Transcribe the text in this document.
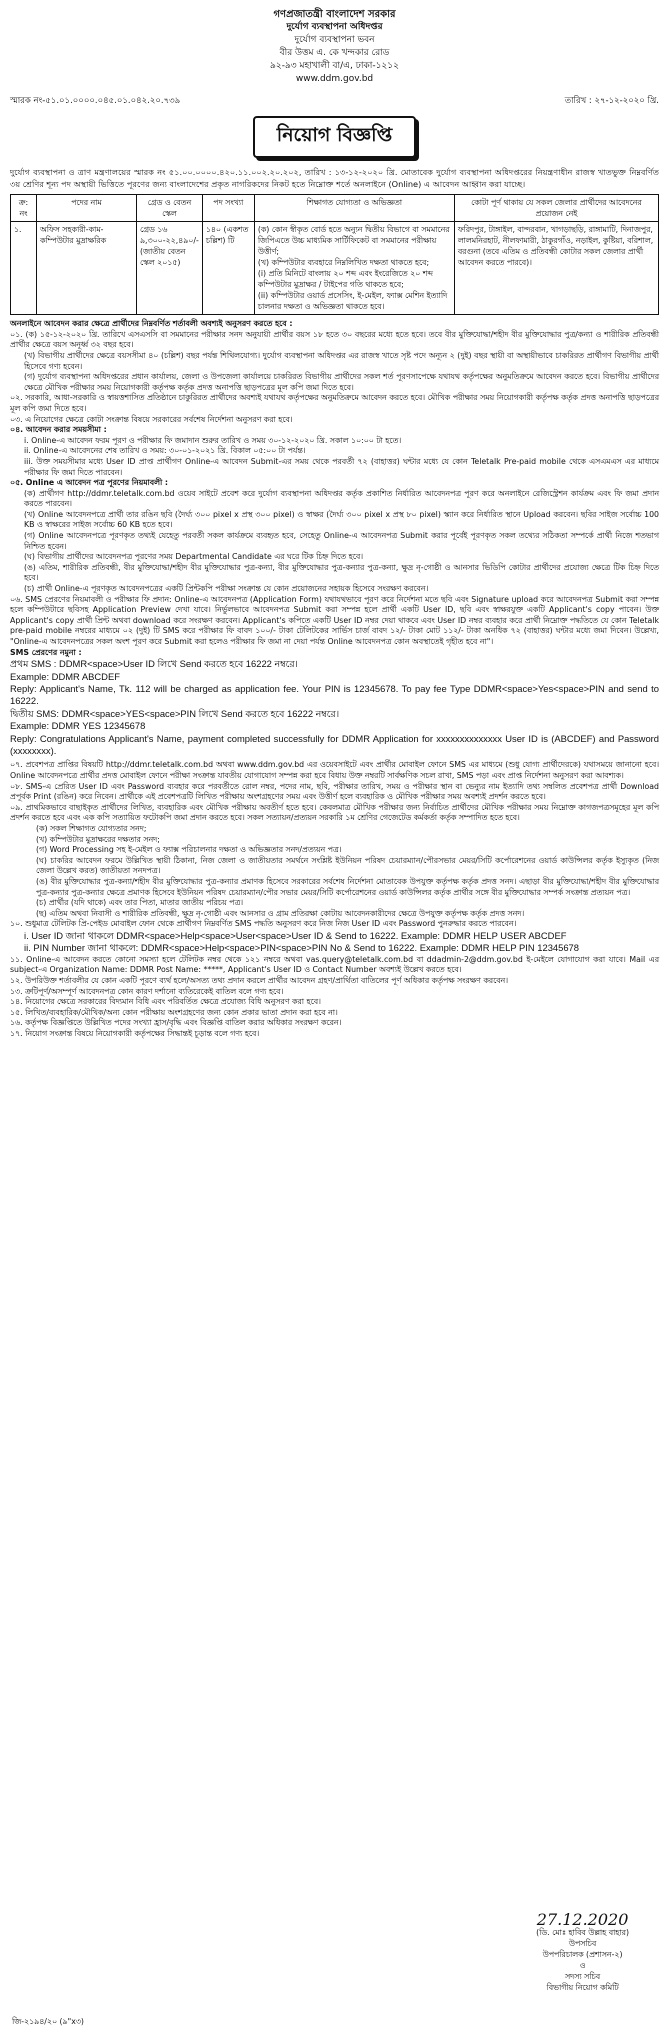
গণপ্রজাতন্ত্রী বাংলাদেশ সরকার
দুর্যোগ ব্যবস্থাপনা অধিদপ্তর
দুর্যোগ ব্যবস্থাপনা ভবন
বীর উত্তম এ. কে খন্দকার রোড
৯২-৯৩ মহাখালী বা/এ, ঢাকা-১২১২
www.ddm.gov.bd
স্মারক নং-৫১.০১.০০০০.০৪৫.০১.০৪২.২০.৭৩৯	তারিখ : ২৭-১২-২০২০ খ্রি.
নিয়োগ বিজ্ঞপ্তি

দুর্যোগ ব্যবস্থাপনা ও ত্রাণ মন্ত্রণালয়ের স্মারক নং ৫১.০০.০০০০.৪২০.১১.০০২.২০.২০২, তারিখ : ১৩-১২-২০২০ খ্রি. মোতাবেক দুর্যোগ ব্যবস্থাপনা অধিদপ্তরের নিয়ন্ত্রণাধীন রাজস্ব খাতভুক্ত নিম্নবর্ণিত ৩য় শ্রেণির শূন্য পদ অস্থায়ী ভিত্তিতে পূরণের জন্য বাংলাদেশের প্রকৃত নাগরিকদের নিকট হতে নিম্নোক্ত শর্তে অনলাইনে (Online) এ আবেদন আহ্বান করা যাচ্ছে।

ক্র: নং	পদের নাম	গ্রেড ও বেতন স্কেল	পদ সংখ্যা	শিক্ষাগত যোগ্যতা ও অভিজ্ঞতা	কোটা পূর্ণ থাকায় যে সকল জেলার প্রার্থীদের আবেদনের প্রয়োজন নেই
১.	অফিস সহকারী-কাম-কম্পিউটার মুদ্রাক্ষরিক	গ্রেড ১৬ ৯,৩০০-২২,৪৯০/- (জাতীয় বেতন স্কেল ২০১৫)	১৪০ (একশত চল্লিশ) টি	(ক) কোন স্বীকৃত বোর্ড হতে অন্যুন দ্বিতীয় বিভাগে বা সমমানের জিপিএতে উচ্চ মাধ্যমিক সার্টিফিকেট বা সমমানের পরীক্ষায় উত্তীর্ণ;
(খ) কম্পিউটার ব্যবহারে নিম্নলিখিত দক্ষতা থাকতে হবে;
(i) প্রতি মিনিটে বাংলায় ২০ শব্দ এবং ইংরেজিতে ২০ শব্দ কম্পিউটার মুদ্রাক্ষর / টাইপের গতি থাকতে হবে;
(ii) কম্পিউটার ওয়ার্ড প্রসেসিং, ই-মেইল, ফ্যাক্স মেশিন ইত্যাদি চালনার দক্ষতা ও অভিজ্ঞতা থাকতে হবে।	ফরিদপুর, টাঙ্গাইল, বান্দরবান, খাগড়াছড়ি, রাঙ্গামাটি, দিনাজপুর, লালমনিরহাট, নীলফামারী, ঠাকুরগাঁও, নড়াইল, কুষ্টিয়া, বরিশাল, বরগুনা (তবে এতিম ও প্রতিবন্ধী কোটার সকল জেলার প্রার্থী আবেদন করতে পারবে)।

অনলাইনে আবেদন করার ক্ষেত্রে প্রার্থীদের নিম্নবর্ণিত শর্তাবলী অবশ্যই অনুসরণ করতে হবে :

০১. (ক) ১৫-১২-২০২০ খ্রি. তারিখে এসএসসি বা সমমানের পরীক্ষার সনদ অনুযায়ী প্রার্থীর বয়স ১৮ হতে ৩০ বছরের মধ্যে হতে হবে। তবে বীর মুক্তিযোদ্ধা/শহীদ বীর মুক্তিযোদ্ধার পুত্র/কন্যা ও শারীরিক প্রতিবন্ধী প্রার্থীর ক্ষেত্রে বয়স অনূর্ধ্ব ৩২ বছর হবে।

(খ) বিভাগীয় প্রার্থীদের ক্ষেত্রে বয়সসীমা ৪০ (চল্লিশ) বছর পর্যন্ত শিথিলযোগ্য। দুর্যোগ ব্যবস্থাপনা অধিদপ্তর এর রাজস্ব খাতে সৃষ্ট পদে অন্যূন ২ (দুই) বছর স্থায়ী বা অস্থায়ীভাবে চাকরিরত প্রার্থীগণ বিভাগীয় প্রার্থী হিসেবে গণ্য হবেন।

(গ) দুর্যোগ ব্যবস্থাপনা অধিদপ্তরের প্রধান কার্যালয়, জেলা ও উপজেলা কার্যালয়ে চাকরিরত বিভাগীয় প্রার্থীদের সকল শর্ত পূরণসাপেক্ষে যথাযথ কর্তৃপক্ষের অনুমতিক্রমে আবেদন করতে হবে। বিভাগীয় প্রার্থীদের ক্ষেত্রে মৌখিক পরীক্ষার সময় নিয়োগকারী কর্তৃপক্ষ কর্তৃক প্রদত্ত অনাপত্তি ছাড়পত্রের মূল কপি জমা দিতে হবে।

০২. সরকারি, আধা-সরকারি ও স্বায়ত্তশাসিত প্রতিষ্ঠানে চাকুরিরত প্রার্থীদের অবশ্যই যথাযথ কর্তৃপক্ষের অনুমতিক্রমে আবেদন করতে হবে। মৌখিক পরীক্ষার সময় নিয়োগকারী কর্তৃপক্ষ কর্তৃক প্রদত্ত অনাপত্তি ছাড়পত্রের মূল কপি জমা দিতে হবে।

০৩. এ নিয়োগের ক্ষেত্রে কোটা সংক্রান্ত বিষয়ে সরকারের সর্বশেষ নির্দেশনা অনুসরণ করা হবে।

০৪. আবেদন করার সময়সীমা :

i. Online-এ আবেদন ফরম পূরণ ও পরীক্ষার ফি জমাদান শুরুর তারিখ ও সময় ৩০-১২-২০২০ খ্রি. সকাল ১০:০০ টা হতে।

ii. Online-এ আবেদনের শেষ তারিখ ও সময়: ৩০-০১-২০২১ খ্রি. বিকাল ০৫:০০ টা পর্যন্ত।

iii. উক্ত সময়সীমার মধ্যে User ID প্রাপ্ত প্রার্থীগণ Online-এ আবেদন Submit-এর সময় থেকে পরবর্তী ৭২ (বাহাত্তর) ঘন্টার মধ্যে যে কোন Teletalk Pre-paid mobile থেকে এসএমএস এর মাধ্যমে পরীক্ষার ফি জমা দিতে পারবেন।

০৫. Online এ আবেদন পত্র পূরণের নিয়মাবলী :

(ক) প্রার্থীগণ http://ddmr.teletalk.com.bd ওয়েব সাইটে প্রবেশ করে দুর্যোগ ব্যবস্থাপনা অধিদপ্তর কর্তৃক প্রকাশিত নির্ধারিত আবেদনপত্র পূরণ করে অনলাইনে রেজিস্ট্রেশন কার্যক্রম এবং ফি জমা প্রদান করতে পারবেন।

(খ) Online আবেদনপত্রে প্রার্থী তার রঙিন ছবি (দৈর্ঘ্য ৩০০ pixel x প্রস্থ ৩০০ pixel) ও স্বাক্ষর (দৈর্ঘ্য ৩০০ pixel x প্রস্থ ৮০ pixel) স্ক্যান করে নির্ধারিত স্থানে Upload করবেন। ছবির সাইজ সর্বোচ্চ 100 KB ও স্বাক্ষরের সাইজ সর্বোচ্চ 60 KB হতে হবে।

(গ) Online আবেদনপত্রে পূরণকৃত তথ্যই যেহেতু পরবর্তী সকল কার্যক্রমে ব্যবহৃত হবে, সেহেতু Online-এ আবেদনপত্র Submit করার পূর্বেই পূরণকৃত সকল তথ্যের সঠিকতা সম্পর্কে প্রার্থী নিজে শতভাগ নিশ্চিত হবেন।

(ঘ) বিভাগীয় প্রার্থীদের আবেদনপত্র পূরণের সময় Departmental Candidate এর ঘরে টিক চিহ্ন দিতে হবে।

(ঙ) এতিম, শারীরিক প্রতিবন্ধী, বীর মুক্তিযোদ্ধা/শহীদ বীর মুক্তিযোদ্ধার পুত্র-কন্যা, বীর মুক্তিযোদ্ধার পুত্র-কন্যার পুত্র-কন্যা, ক্ষুদ্র নৃ-গোষ্ঠী ও আনসার ভিডিপি কোটার প্রার্থীদের প্রযোজ্য ক্ষেত্রে টিক চিহ্ন দিতে হবে।

(চ) প্রার্থী Online-এ পূরণকৃত আবেদনপত্রের একটি প্রিন্টকপি পরীক্ষা সংক্রান্ত যে কোন প্রয়োজনের সহায়ক হিসেবে সংরক্ষণ করবেন।

০৬. SMS প্রেরণের নিয়মাবলী ও পরীক্ষার ফি প্রদান: Online-এ আবেদনপত্র (Application Form) যথাযথভাবে পূরণ করে নির্দেশনা মতে ছবি এবং Signature upload করে আবেদনপত্র Submit করা সম্পন্ন হলে কম্পিউটারে ছবিসহ Application Preview দেখা যাবে। নির্ভুলভাবে আবেদনপত্র Submit করা সম্পন্ন হলে প্রার্থী একটি User ID, ছবি এবং স্বাক্ষরযুক্ত একটি Applicant's copy পাবেন। উক্ত Applicant's copy প্রার্থী প্রিন্ট অথবা download করে সংরক্ষণ করবেন। Applicant's কপিতে একটি User ID নম্বর দেয়া থাকবে এবং User ID নম্বর ব্যবহার করে প্রার্থী নিম্নোক্ত পদ্ধতিতে যে কোন Teletalk pre-paid mobile নম্বরের মাধ্যমে ০২ (দুই) টি SMS করে পরীক্ষার ফি বাবদ ১০০/- টাকা টেলিটকের সার্ভিস চার্জ বাবদ ১২/- টাকা মোট ১১২/- টাকা অনধিক ৭২ (বাহাত্তর) ঘন্টার মধ্যে জমা দিবেন। উল্লেখ্য, "Online-এ আবেদনপত্রের সকল অংশ পূরণ করে Submit করা হলেও পরীক্ষার ফি জমা না দেয়া পর্যন্ত Online আবেদনপত্র কোন অবস্থাতেই গৃহীত হবে না"।

SMS প্রেরণের নমুনা :

প্রথম SMS : DDMR<space>User ID লিখে Send করতে হবে 16222 নম্বরে।

Example: DDMR ABCDEF

Reply: Applicant's Name, Tk. 112 will be charged as application fee. Your PIN is 12345678. To pay fee Type DDMR<space>Yes<space>PIN and send to 16222.

দ্বিতীয় SMS: DDMR<space>YES<space>PIN লিখে Send করতে হবে 16222 নম্বরে।

Example: DDMR YES 12345678

Reply: Congratulations Applicant's Name, payment completed successfully for DDMR Application for xxxxxxxxxxxxxx User ID is (ABCDEF) and Password (xxxxxxxx).

০৭. প্রবেশপত্র প্রাপ্তির বিষয়টি http://ddmr.teletalk.com.bd অথবা www.ddm.gov.bd এর ওয়েবসাইটে এবং প্রার্থীর মোবাইল ফোনে SMS এর মাধ্যমে (শুধু যোগ্য প্রার্থীদেরকে) যথাসময়ে জানানো হবে। Online আবেদনপত্রে প্রার্থীর প্রদত্ত মোবাইল ফোনে পরীক্ষা সংক্রান্ত যাবতীয় যোগাযোগ সম্পন্ন করা হবে বিধায় উক্ত নম্বরটি সার্বক্ষণিক সচল রাখা, SMS পড়া এবং প্রাপ্ত নির্দেশনা অনুসরণ করা আবশ্যক।

০৮. SMS-এ প্রেরিত User ID এবং Password ব্যবহার করে পরবর্তীতে রোল নম্বর, পদের নাম, ছবি, পরীক্ষার তারিখ, সময় ও পরীক্ষার স্থান বা ভেন্যুর নাম ইত্যাদি তথ্য সম্বলিত প্রবেশপত্র প্রার্থী Download প্রপূর্বক Print (রঙিন) করে নিবেন। প্রার্থীকে এই প্রবেশপত্রটি লিখিত পরীক্ষায় অংশগ্রহণের সময় এবং উত্তীর্ণ হলে ব্যবহারিক ও মৌখিক পরীক্ষার সময় অবশ্যই প্রদর্শন করতে হবে।

০৯. প্রাথমিকভাবে বাছাইকৃত প্রার্থীদের লিখিত, ব্যবহারিক এবং মৌখিক পরীক্ষায় অবতীর্ণ হতে হবে। কেবলমাত্র মৌখিক পরীক্ষার জন্য নির্বাচিত প্রার্থীদের মৌখিক পরীক্ষার সময় নিম্নোক্ত কাগজপত্রসমূহের মূল কপি প্রদর্শন করতে হবে এবং এক কপি সত্যায়িত ফটোকপি জমা প্রদান করতে হবে। সকল সত্যায়ন/প্রত্যয়ন সরকারি ১ম শ্রেণির গেজেটেড কর্মকর্তা কর্তৃক সম্পাদিত হতে হবে।

(ক) সকল শিক্ষাগত যোগ্যতার সনদ;

(খ) কম্পিউটার মুদ্রাক্ষরের দক্ষতার সনদ;

(গ) Word Processing সহ ই-মেইল ও ফ্যাক্স পরিচালনার দক্ষতা ও অভিজ্ঞতার সনদ/প্রত্যয়ন পত্র।

(ঘ) চাকরির আবেদন ফরমে উল্লিখিত স্থায়ী ঠিকানা, নিজ জেলা ও জাতীয়তার সমর্থনে সংশ্লিষ্ট ইউনিয়ন পরিষদ চেয়ারম্যান/পৌরসভার মেয়র/সিটি কর্পোরেশনের ওয়ার্ড কাউন্সিলর কর্তৃক ইস্যুকৃত (নিজ জেলা উল্লেখ করত) জাতীয়তা সনদপত্র।

(ঙ) বীর মুক্তিযোদ্ধার পুত্র-কন্যা/শহীদ বীর মুক্তিযোদ্ধার পুত্র-কন্যার প্রমাণক হিসেবে সরকারের সর্বশেষ নির্দেশনা মোতাবেক উপযুক্ত কর্তৃপক্ষ কর্তৃক প্রদত্ত সনদ। এছাড়া বীর মুক্তিযোদ্ধা/শহীদ বীর মুক্তিযোদ্ধার পুত্র-কন্যার পুত্র-কন্যার ক্ষেত্রে প্রমাণক হিসেবে ইউনিয়ন পরিষদ চেয়ারম্যান/পৌর সভার মেয়র/সিটি কর্পোরেশনের ওয়ার্ড কাউন্সিলর কর্তৃক প্রার্থীর সঙ্গে বীর মুক্তিযোদ্ধার সম্পর্ক সংক্রান্ত প্রত্যয়ন পত্র।

(চ) প্রার্থীর (যদি থাকে) এবং তার পিতা, মাতার জাতীয় পরিচয় পত্র।

(ছ) এতিম অথবা নিবাসী ও শারীরিক প্রতিবন্ধী, ক্ষুদ্র নৃ-গোষ্ঠী এবং আনসার ও গ্রাম প্রতিরক্ষা কোটায় আবেদনকারীদের ক্ষেত্রে উপযুক্ত কর্তৃপক্ষ কর্তৃক প্রদত্ত সনদ।

১০. শুধুমাত্র টেলিটক প্রি-পেইড মোবাইল ফোন থেকে প্রার্থীগণ নিম্নবর্ণিত SMS পদ্ধতি অনুসরণ করে নিজ নিজ User ID এবং Password পুনরুদ্ধার করতে পারবেন।

i. User ID জানা থাকলে DDMR<space>Help<space>User<space>User ID & Send to 16222. Example: DDMR HELP USER ABCDEF

ii. PIN Number জানা থাকলে: DDMR<space>Help<space>PIN<space>PIN No & Send to 16222. Example: DDMR HELP PIN 12345678

১১. Online-এ আবেদন করতে কোনো সমস্যা হলে টেলিটক নম্বর থেকে ১২১ নম্বরে অথবা vas.query@teletalk.com.bd বা ddadmin-2@ddm.gov.bd ই-মেইলে যোগাযোগ করা যাবে। Mail এর subject-এ Organization Name: DDMR Post Name: *****, Applicant's User ID ও Contact Number অবশ্যই উল্লেখ করতে হবে।

১২. উপরিউক্ত শর্তাবলীর যে কোন একটি পূরণে ব্যর্থ হলে/অসত্য তথ্য প্রদান করলে প্রার্থীর আবেদন গ্রহণ/প্রার্থিতা বাতিলের পূর্ণ অধিকার কর্তৃপক্ষ সংরক্ষণ করবেন।

১৩. ক্রটিপূর্ণ/অসম্পূর্ণ আবেদনপত্র কোন কারণ দর্শানো ব্যতিরেকেই বাতিল বলে গণ্য হবে।

১৪. নিয়োগের ক্ষেত্রে সরকারের বিদ্যমান বিধি এবং পরিবর্তিত ক্ষেত্রে প্রযোজ্য বিধি অনুসরণ করা হবে।

১৫. লিখিত/ব্যবহারিক/মৌখিক/অন্য কোন পরীক্ষায় অংশগ্রহণের জন্য কোন প্রকার ভাতা প্রদান করা হবে না।

১৬. কর্তৃপক্ষ বিজ্ঞপ্তিতে উল্লিখিত পদের সংখ্যা হ্রাস/বৃদ্ধি এবং বিজ্ঞপ্তি বাতিল করার অধিকার সংরক্ষণ করেন।

১৭. নিয়োগ সংক্রান্ত বিষয়ে নিয়োগকারী কর্তৃপক্ষের সিদ্ধান্তই চূড়ান্ত বলে গণ্য হবে।

27.12.2020
(ডি. মোঃ হাবিব উল্লাহ বাহার)
উপসচিব
উপপরিচালক (প্রশাসন-২)
ও
সদস্য সচিব
বিভাগীয় নিয়োগ কমিটি
জি-২১৯৪/২০ (৯"x৩)
